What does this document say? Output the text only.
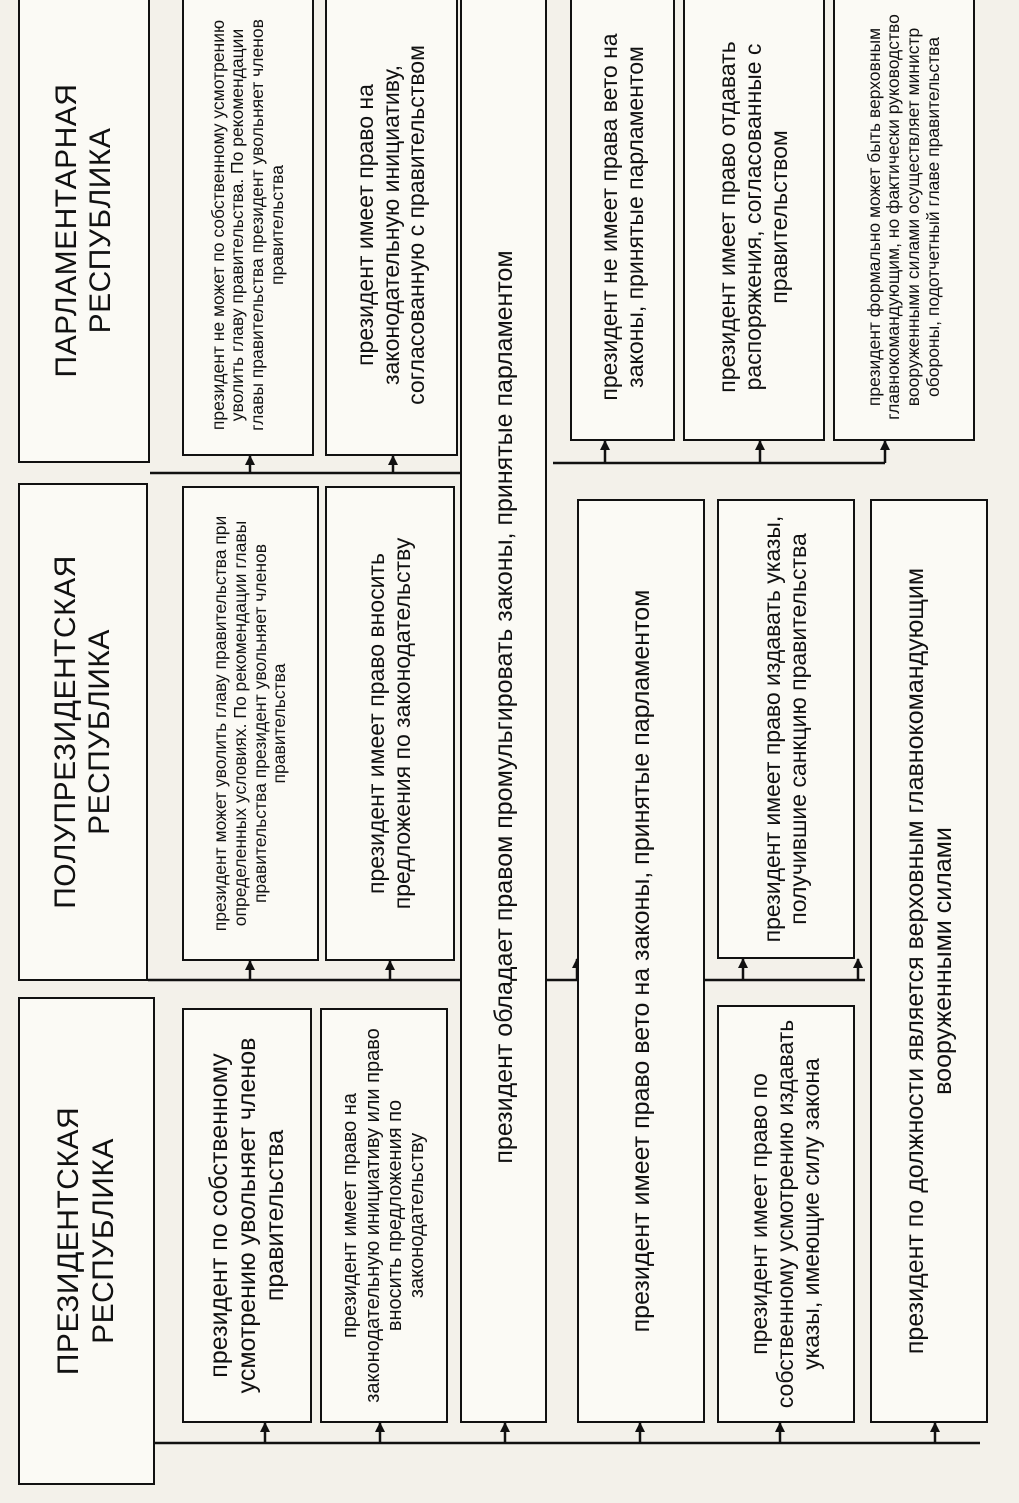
ПРЕЗИДЕНТСКАЯ РЕСПУБЛИКА
ПОЛУПРЕЗИДЕНТСКАЯ РЕСПУБЛИКА
ПАРЛАМЕНТАРНАЯ РЕСПУБЛИКА
президент по собственному усмотрению увольняет членов правительства	президент имеет право на законодательную инициативу или право вносить предложения по законодательству
президент может уволить главу правительства при определенных условиях. По рекомендации главы правительства президент увольняет членов правительства	президент имеет право вносить предложения по законодательству
президент не может по собственному усмотрению уволить главу правительства. По рекомендации главы правительства президент увольняет членов правительства	президент имеет право на законодательную инициативу, согласованную с правительством
президент обладает правом промульгировать законы, принятые парламентом	президент имеет право вето на законы, принятые парламентом	президент имеет право по собственному усмотрению издавать указы, имеющие силу закона
президент имеет право издавать указы, получившие санкцию правительства	президент по должности является верховным главнокомандующим вооруженными силами
президент не имеет права вето на законы, принятые парламентом	президент имеет право отдавать распоряжения, согласованные с правительством	президент формально может быть верховным главнокомандующим, но фактически руководство вооруженными силами осуществляет министр обороны, подотчетный главе правительства
